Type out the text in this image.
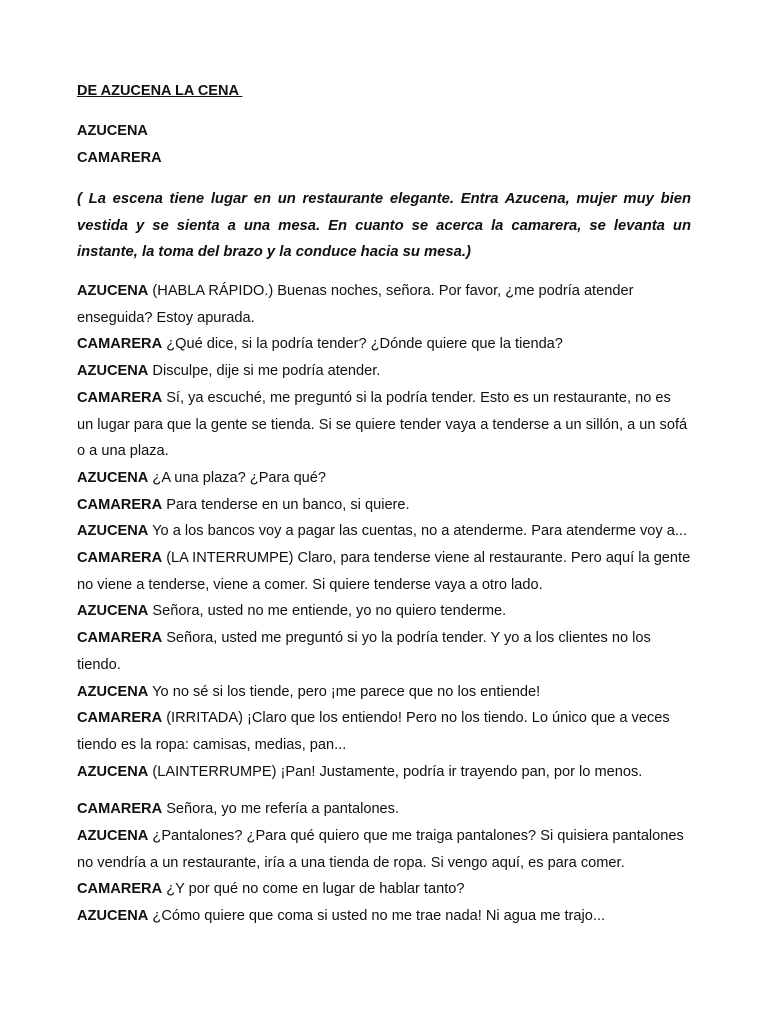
DE AZUCENA LA CENA
AZUCENA
CAMARERA
( La escena tiene lugar en un restaurante elegante. Entra Azucena, mujer muy bien vestida y se sienta a una mesa. En cuanto se acerca la camarera, se levanta un instante, la toma del brazo y la conduce hacia su mesa.)

AZUCENA (HABLA RÁPIDO.) Buenas noches, señora. Por favor, ¿me podría atender enseguida? Estoy apurada.

CAMARERA ¿Qué dice, si la podría tender? ¿Dónde quiere que la tienda?

AZUCENA Disculpe, dije si me podría atender.

CAMARERA Sí, ya escuché, me preguntó si la podría tender. Esto es un restaurante, no es un lugar para que la gente se tienda. Si se quiere tender vaya a tenderse a un sillón, a un sofá o a una plaza.

AZUCENA ¿A una plaza? ¿Para qué?

CAMARERA Para tenderse en un banco, si quiere.

AZUCENA Yo a los bancos voy a pagar las cuentas, no a atenderme. Para atenderme voy a...

CAMARERA (LA INTERRUMPE) Claro, para tenderse viene al restaurante. Pero aquí la gente no viene a tenderse, viene a comer. Si quiere tenderse vaya a otro lado.

AZUCENA Señora, usted no me entiende, yo no quiero tenderme.

CAMARERA Señora, usted me preguntó si yo la podría tender. Y yo a los clientes no los tiendo.

AZUCENA Yo no sé si los tiende, pero ¡me parece que no los entiende!

CAMARERA (IRRITADA) ¡Claro que los entiendo! Pero no los tiendo. Lo único que a veces tiendo es la ropa: camisas, medias, pan...

AZUCENA (LAINTERRUMPE) ¡Pan! Justamente, podría ir trayendo pan, por lo menos.

CAMARERA Señora, yo me refería a pantalones.

AZUCENA ¿Pantalones? ¿Para qué quiero que me traiga pantalones? Si quisiera pantalones no vendría a un restaurante, iría a una tienda de ropa. Si vengo aquí, es para comer.

CAMARERA ¿Y por qué no come en lugar de hablar tanto?

AZUCENA ¿Cómo quiere que coma si usted no me trae nada! Ni agua me trajo...
